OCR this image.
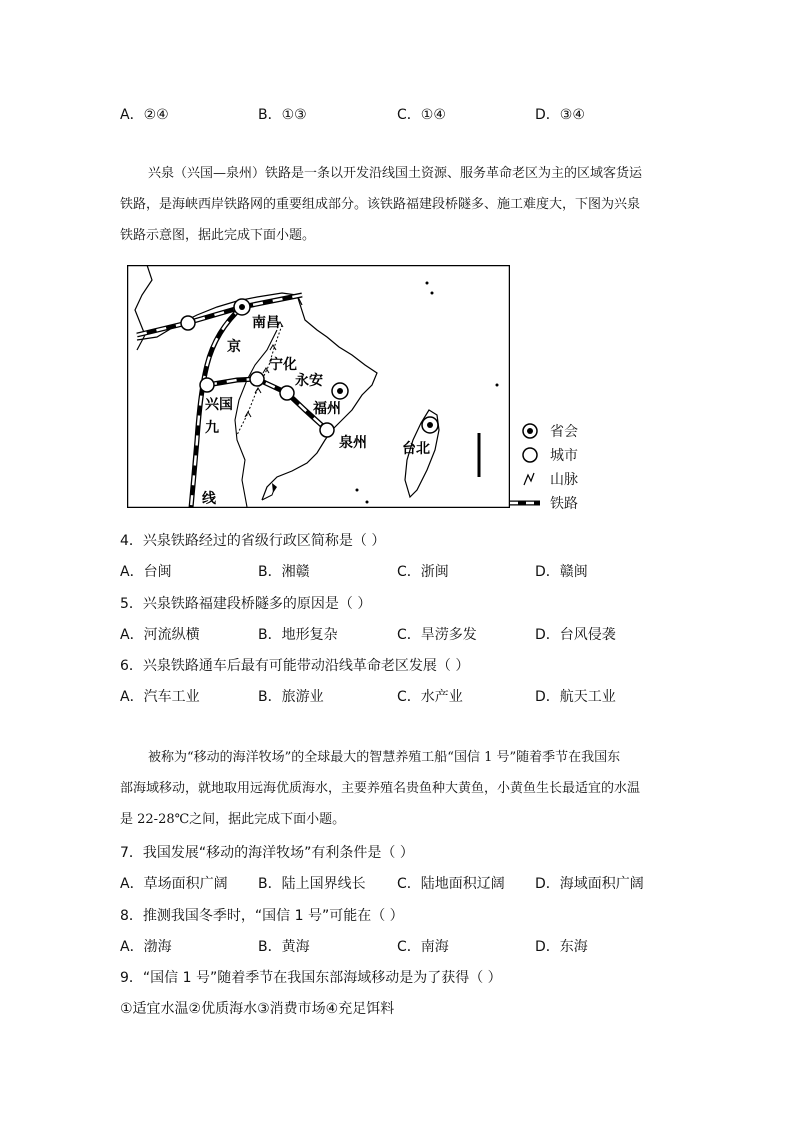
A．②④	B．①③	C．①④	D．③④
兴泉（兴国—泉州）铁路是一条以开发沿线国土资源、服务革命老区为主的区域客货运
铁路，是海峡西岸铁路网的重要组成部分。该铁路福建段桥隧多、施工难度大，下图为兴泉
铁路示意图，据此完成下面小题。
南昌
京
宁化
永安
兴国	福州
九
泉州	台北
线
省会
城市
山脉
铁路
4．兴泉铁路经过的省级行政区简称是（ ）
A．台闽	B．湘赣	C．浙闽	D．赣闽
5．兴泉铁路福建段桥隧多的原因是（ ）
A．河流纵横	B．地形复杂	C．旱涝多发	D．台风侵袭
6．兴泉铁路通车后最有可能带动沿线革命老区发展（ ）
A．汽车工业	B．旅游业	C．水产业	D．航天工业
被称为“移动的海洋牧场”的全球最大的智慧养殖工船“国信 1 号”随着季节在我国东
部海域移动，就地取用远海优质海水，主要养殖名贵鱼种大黄鱼，小黄鱼生长最适宜的水温
是 22-28℃之间，据此完成下面小题。
7．我国发展“移动的海洋牧场”有利条件是（ ）
A．草场面积广阔 B．陆上国界线长 C．陆地面积辽阔 D．海域面积广阔
8．推测我国冬季时，“国信 1 号”可能在（ ）
A．渤海	B．黄海	C．南海	D．东海
9．“国信 1 号”随着季节在我国东部海域移动是为了获得（ ）
①适宜水温②优质海水③消费市场④充足饵料
